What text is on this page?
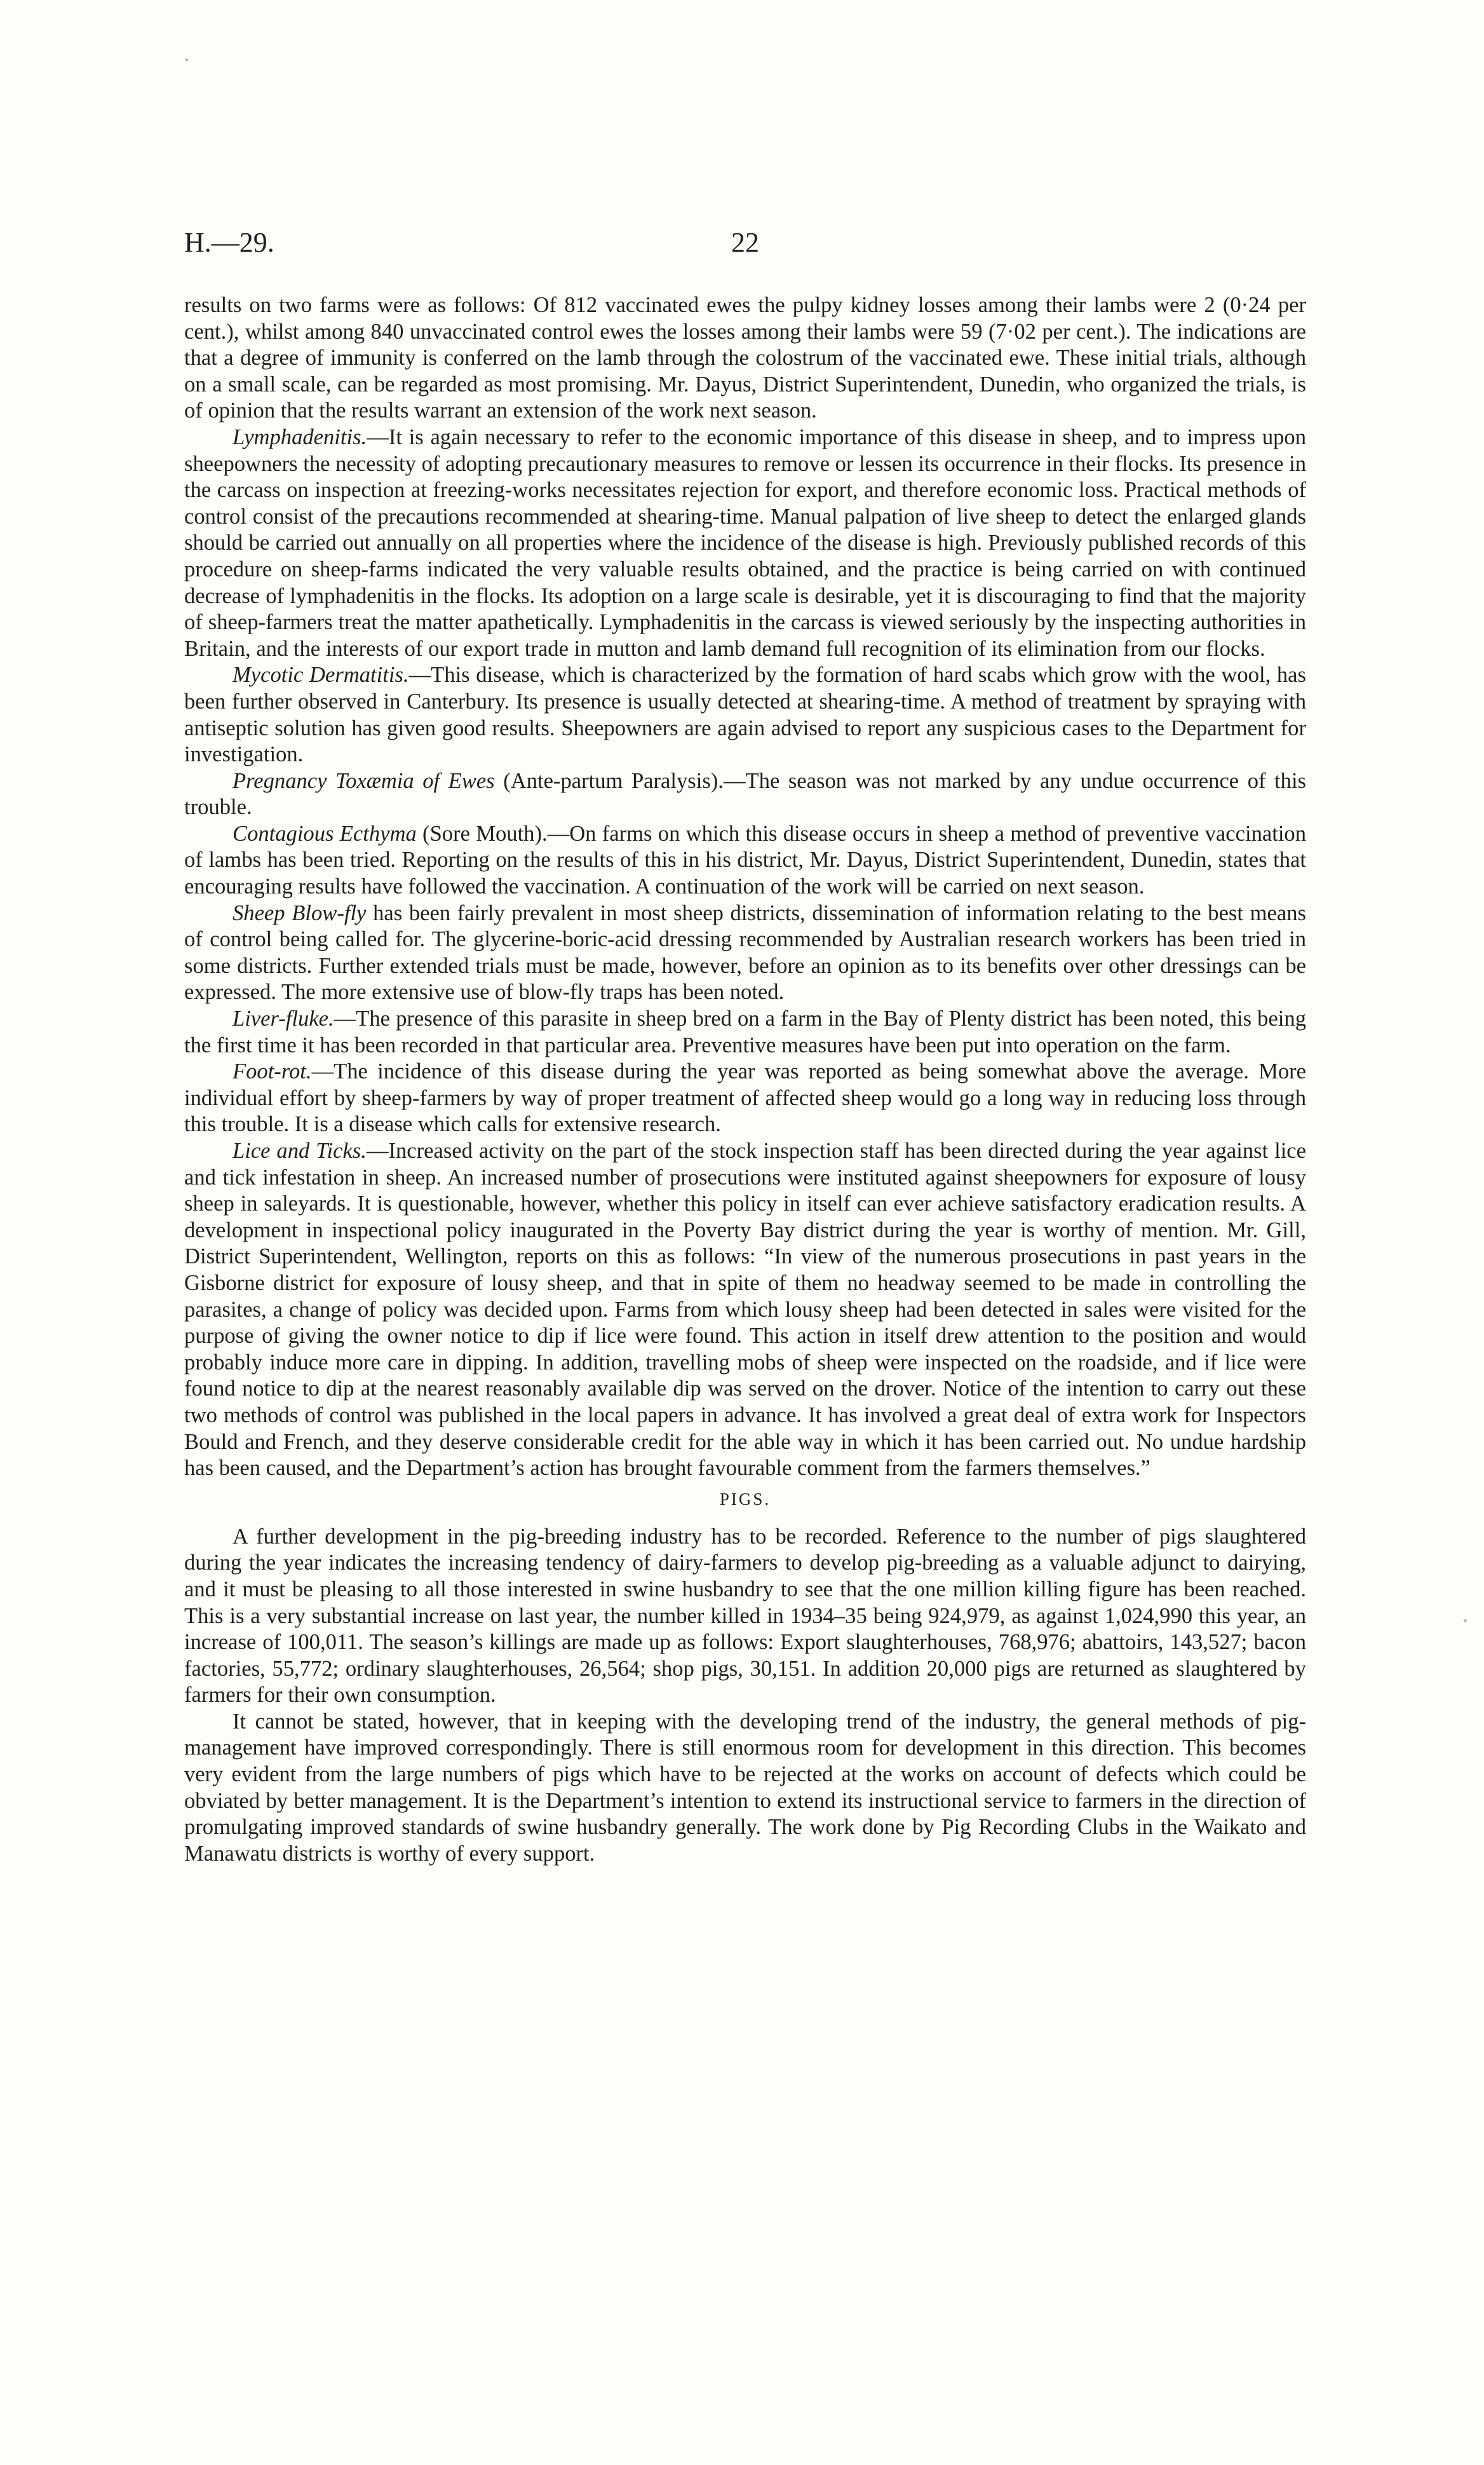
H.—29.	22

results on two farms were as follows: Of 812 vaccinated ewes the pulpy kidney losses among their lambs were 2 (0·24 per cent.), whilst among 840 unvaccinated control ewes the losses among their lambs were 59 (7·02 per cent.). The indications are that a degree of immunity is conferred on the lamb through the colostrum of the vaccinated ewe. These initial trials, although on a small scale, can be regarded as most promising. Mr. Dayus, District Superintendent, Dunedin, who organized the trials, is of opinion that the results warrant an extension of the work next season.

Lymphadenitis.—It is again necessary to refer to the economic importance of this disease in sheep, and to impress upon sheepowners the necessity of adopting precautionary measures to remove or lessen its occurrence in their flocks. Its presence in the carcass on inspection at freezing-works necessitates rejection for export, and therefore economic loss. Practical methods of control consist of the precautions recommended at shearing-time. Manual palpation of live sheep to detect the enlarged glands should be carried out annually on all properties where the incidence of the disease is high. Previously published records of this procedure on sheep-farms indicated the very valuable results obtained, and the practice is being carried on with continued decrease of lymphadenitis in the flocks. Its adoption on a large scale is desirable, yet it is discouraging to find that the majority of sheep-farmers treat the matter apathetically. Lymphadenitis in the carcass is viewed seriously by the inspecting authorities in Britain, and the interests of our export trade in mutton and lamb demand full recognition of its elimination from our flocks.

Mycotic Dermatitis.—This disease, which is characterized by the formation of hard scabs which grow with the wool, has been further observed in Canterbury. Its presence is usually detected at shearing-time. A method of treatment by spraying with antiseptic solution has given good results. Sheepowners are again advised to report any suspicious cases to the Department for investigation.

Pregnancy Toxæmia of Ewes (Ante-partum Paralysis).—The season was not marked by any undue occurrence of this trouble.

Contagious Ecthyma (Sore Mouth).—On farms on which this disease occurs in sheep a method of preventive vaccination of lambs has been tried. Reporting on the results of this in his district, Mr. Dayus, District Superintendent, Dunedin, states that encouraging results have followed the vaccination. A continuation of the work will be carried on next season.

Sheep Blow-fly has been fairly prevalent in most sheep districts, dissemination of information relating to the best means of control being called for. The glycerine-boric-acid dressing recommended by Australian research workers has been tried in some districts. Further extended trials must be made, however, before an opinion as to its benefits over other dressings can be expressed. The more extensive use of blow-fly traps has been noted.

Liver-fluke.—The presence of this parasite in sheep bred on a farm in the Bay of Plenty district has been noted, this being the first time it has been recorded in that particular area. Preventive measures have been put into operation on the farm.

Foot-rot.—The incidence of this disease during the year was reported as being somewhat above the average. More individual effort by sheep-farmers by way of proper treatment of affected sheep would go a long way in reducing loss through this trouble. It is a disease which calls for extensive research.

Lice and Ticks.—Increased activity on the part of the stock inspection staff has been directed during the year against lice and tick infestation in sheep. An increased number of prosecutions were instituted against sheepowners for exposure of lousy sheep in saleyards. It is questionable, however, whether this policy in itself can ever achieve satisfactory eradication results. A development in inspectional policy inaugurated in the Poverty Bay district during the year is worthy of mention. Mr. Gill, District Superintendent, Wellington, reports on this as follows: “In view of the numerous prosecutions in past years in the Gisborne district for exposure of lousy sheep, and that in spite of them no headway seemed to be made in controlling the parasites, a change of policy was decided upon. Farms from which lousy sheep had been detected in sales were visited for the purpose of giving the owner notice to dip if lice were found. This action in itself drew attention to the position and would probably induce more care in dipping. In addition, travelling mobs of sheep were inspected on the roadside, and if lice were found notice to dip at the nearest reasonably available dip was served on the drover. Notice of the intention to carry out these two methods of control was published in the local papers in advance. It has involved a great deal of extra work for Inspectors Bould and French, and they deserve considerable credit for the able way in which it has been carried out. No undue hardship has been caused, and the Department’s action has brought favourable comment from the farmers themselves.”

PIGS.

A further development in the pig-breeding industry has to be recorded. Reference to the number of pigs slaughtered during the year indicates the increasing tendency of dairy-farmers to develop pig-breeding as a valuable adjunct to dairying, and it must be pleasing to all those interested in swine husbandry to see that the one million killing figure has been reached. This is a very substantial increase on last year, the number killed in 1934–35 being 924,979, as against 1,024,990 this year, an increase of 100,011. The season’s killings are made up as follows: Export slaughterhouses, 768,976; abattoirs, 143,527; bacon factories, 55,772; ordinary slaughterhouses, 26,564; shop pigs, 30,151. In addition 20,000 pigs are returned as slaughtered by farmers for their own consumption.

It cannot be stated, however, that in keeping with the developing trend of the industry, the general methods of pig-management have improved correspondingly. There is still enormous room for development in this direction. This becomes very evident from the large numbers of pigs which have to be rejected at the works on account of defects which could be obviated by better management. It is the Department’s intention to extend its instructional service to farmers in the direction of promulgating improved standards of swine husbandry generally. The work done by Pig Recording Clubs in the Waikato and Manawatu districts is worthy of every support.
